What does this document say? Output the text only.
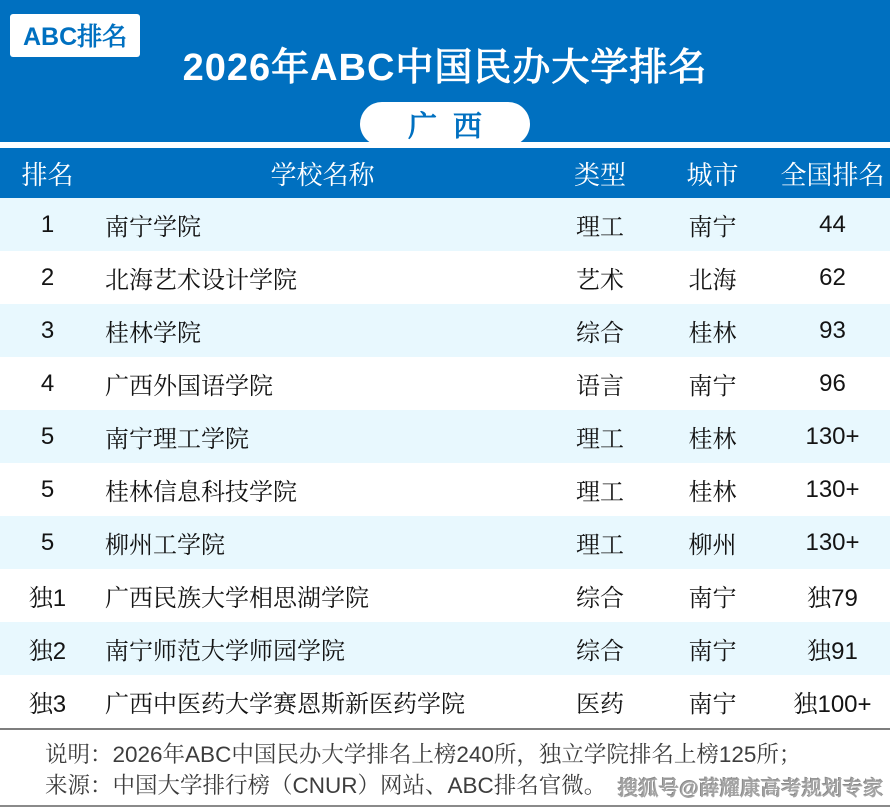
ABC排名
2026年ABC中国民办大学排名
广西
排名	学校名称	类型	城市	全国排名
1	南宁学院	理工	南宁	44
2	北海艺术设计学院	艺术	北海	62
3	桂林学院	综合	桂林	93
4	广西外国语学院	语言	南宁	96
5	南宁理工学院	理工	桂林	130+
5	桂林信息科技学院	理工	桂林	130+
5	柳州工学院	理工	柳州	130+
独1	广西民族大学相思湖学院	综合	南宁	独79
独2	南宁师范大学师园学院	综合	南宁	独91
独3	广西中医药大学赛恩斯新医药学院	医药	南宁	独100+
说明：2026年ABC中国民办大学排名上榜240所，独立学院排名上榜125所；
来源：中国大学排行榜（CNUR）网站、ABC排名官微。 搜狐号@薛耀康高考规划专家
